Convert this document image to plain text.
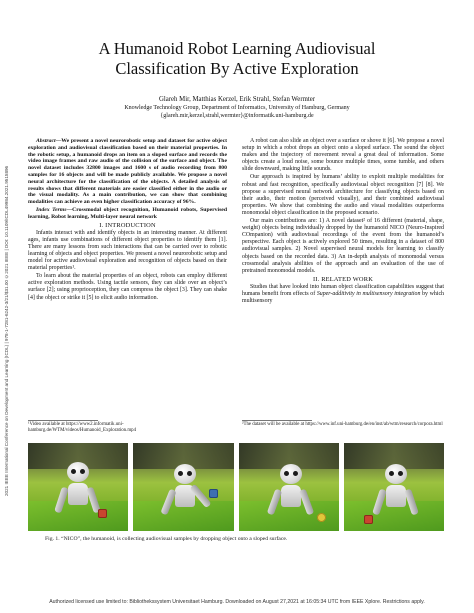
2021 IEEE International Conference on Development and Learning (ICDL) | 978-1-7281-6242-3/21/$31.00 ©2021 IEEE | DOI: 10.1109/ICDL49984.2021.9515896
A Humanoid Robot Learning Audiovisual
Classification By Active Exploration
Glareh Mir, Matthias Kerzel, Erik Strahl, Stefan Wermter
Knowledge Technology Group, Department of Informatics, University of Hamburg, Germany
{glareh.mir,kerzel,strahl,wermter}@informatik.uni-hamburg.de

Abstract—We present a novel neurorobotic setup and dataset for active object exploration and audiovisual classification based on their material properties. In the robotic setup, a humanoid drops an item on a sloped surface and records the video image frames and raw audio of the collision of the surface and object. The novel dataset includes 32800 images and 1600 s of audio recording from 800 samples for 16 objects and will be made publicly available. We propose a novel neural architecture for the classification of the objects. A detailed analysis of results shows that different materials are easier classified either in the audio or the visual modality. As a main contribution, we can show that combining modalities can achieve an even higher classification accuracy of 96%.

Index Terms—Crossmodal object recognition, Humanoid robots, Supervised learning, Robot learning, Multi-layer neural network

I. INTRODUCTION

Infants interact with and identify objects in an interesting manner. At different ages, infants use combinations of different object properties to identify them [1]. There are many lessons from such interactions that can be carried over to robotic learning of objects and object properties. We present a novel neurorobotic setup and model for active audiovisual exploration and recognition of objects based on their material properties¹.

To learn about the material properties of an object, robots can employ different active exploration methods. Using tactile sensors, they can slide over an object’s surface [2]; using proprioception, they can compress the object [3]. They can shake [4] the object or strike it [5] to elicit audio information.

¹Video available at https://www2.informatik.uni-hamburg.de/WTM/videos/Humanoid_Exploration.mp4

A robot can also slide an object over a surface or shove it [6]. We propose a novel setup in which a robot drops an object onto a sloped surface. The sound the object makes and the trajectory of movement reveal a great deal of information. Some objects create a loud noise, some bounce multiple times, some tumble, and others slide downward, making little sounds.

Our approach is inspired by humans’ ability to exploit multiple modalities for robust and fast recognition, specifically audiovisual object recognition [7] [8]. We propose a supervised neural network architecture for classifying objects based on their audio, their motion (perceived visually), and their combined audiovisual properties. We show that combining the audio and visual modalities outperforms monomodal object classification in the proposed scenario.

Our main contributions are: 1) A novel dataset² of 16 different (material, shape, weight) objects being individually dropped by the humanoid NICO (Neuro-Inspired COmpanion) with audiovisual recordings of the event from the humanoid’s perspective. Each object is actively explored 50 times, resulting in a dataset of 800 audiovisual samples. 2) Novel supervised neural models for learning to classify objects based on the recorded data. 3) An in-depth analysis of monomodal versus crossmodal analysis abilities of the approach and an evaluation of the use of pretrained monomodal models.

II. RELATED WORK

Studies that have looked into human object classification capabilities suggest that humans benefit from effects of Super-additivity in multisensory integration by which multisensory

²The dataset will be available at https://www.inf.uni-hamburg.de/en/inst/ab/wtm/research/corpora.html
Fig. 1. “NICO”, the humanoid, is collecting audiovisual samples by dropping object onto a sloped surface.
Authorized licensed use limited to: Bibliothekssystem Universitaet Hamburg. Downloaded on August 27,2021 at 16:05:34 UTC from IEEE Xplore. Restrictions apply.
